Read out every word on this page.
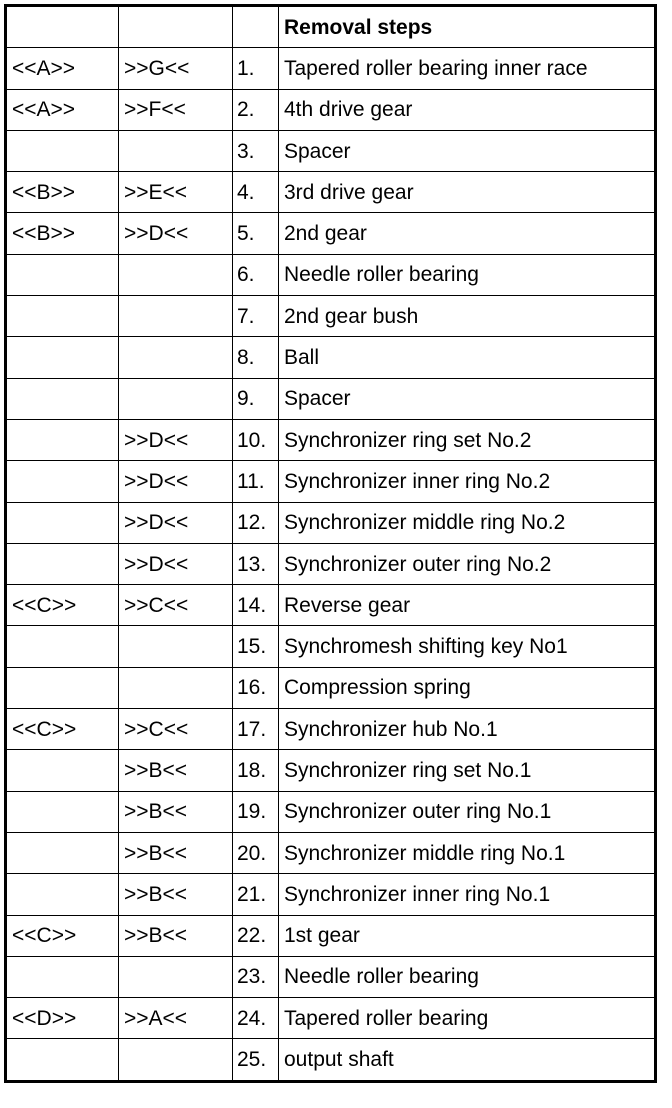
			Removal steps
<<A>>	>>G<<	1.	Tapered roller bearing inner race
<<A>>	>>F<<	2.	4th drive gear
		3.	Spacer
<<B>>	>>E<<	4.	3rd drive gear
<<B>>	>>D<<	5.	2nd gear
		6.	Needle roller bearing
		7.	2nd gear bush
		8.	Ball
		9.	Spacer
	>>D<<	10.	Synchronizer ring set No.2
	>>D<<	11.	Synchronizer inner ring No.2
	>>D<<	12.	Synchronizer middle ring No.2
	>>D<<	13.	Synchronizer outer ring No.2
<<C>>	>>C<<	14.	Reverse gear
		15.	Synchromesh shifting key No1
		16.	Compression spring
<<C>>	>>C<<	17.	Synchronizer hub No.1
	>>B<<	18.	Synchronizer ring set No.1
	>>B<<	19.	Synchronizer outer ring No.1
	>>B<<	20.	Synchronizer middle ring No.1
	>>B<<	21.	Synchronizer inner ring No.1
<<C>>	>>B<<	22.	1st gear
		23.	Needle roller bearing
<<D>>	>>A<<	24.	Tapered roller bearing
		25.	output shaft
